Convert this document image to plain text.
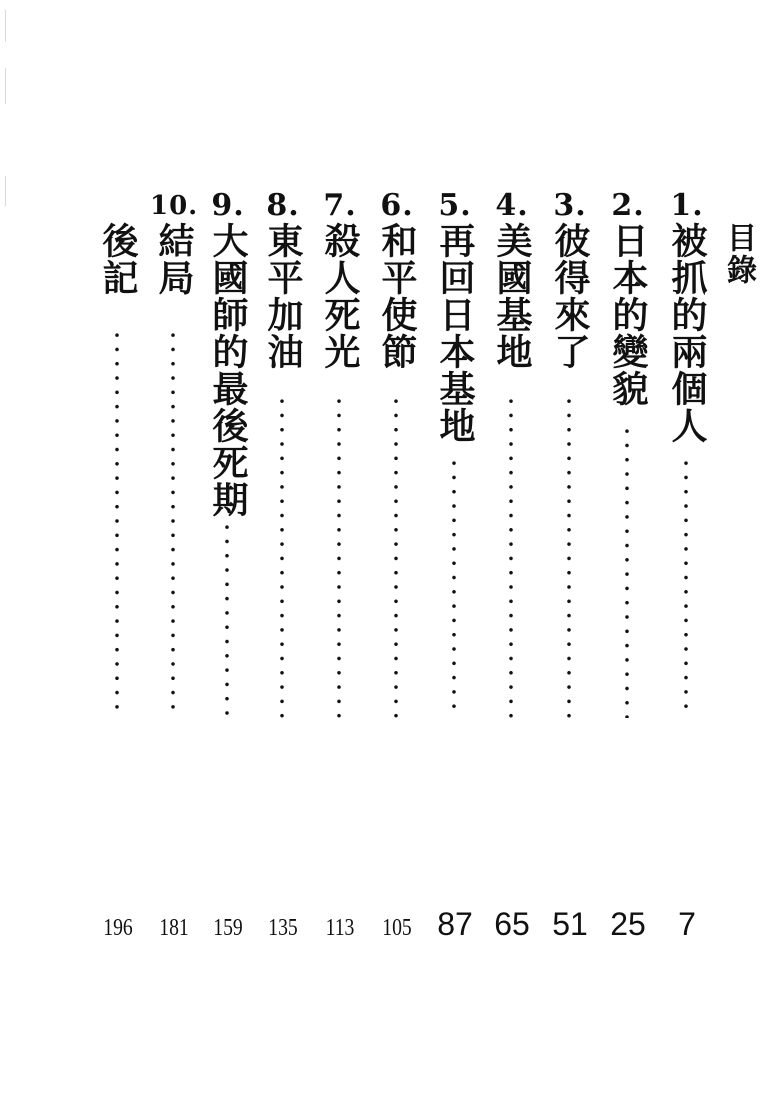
目錄
1.
被抓的兩個人
7
2.
日本的變貌
25
3.
彼得來了
51
4.
美國基地
65
5.
再回日本基地
87
6.
和平使節
105
7.
殺人死光
113
8.
東平加油
135
9.
大國師的最後死期
159
10.
結局
181
後記
196
